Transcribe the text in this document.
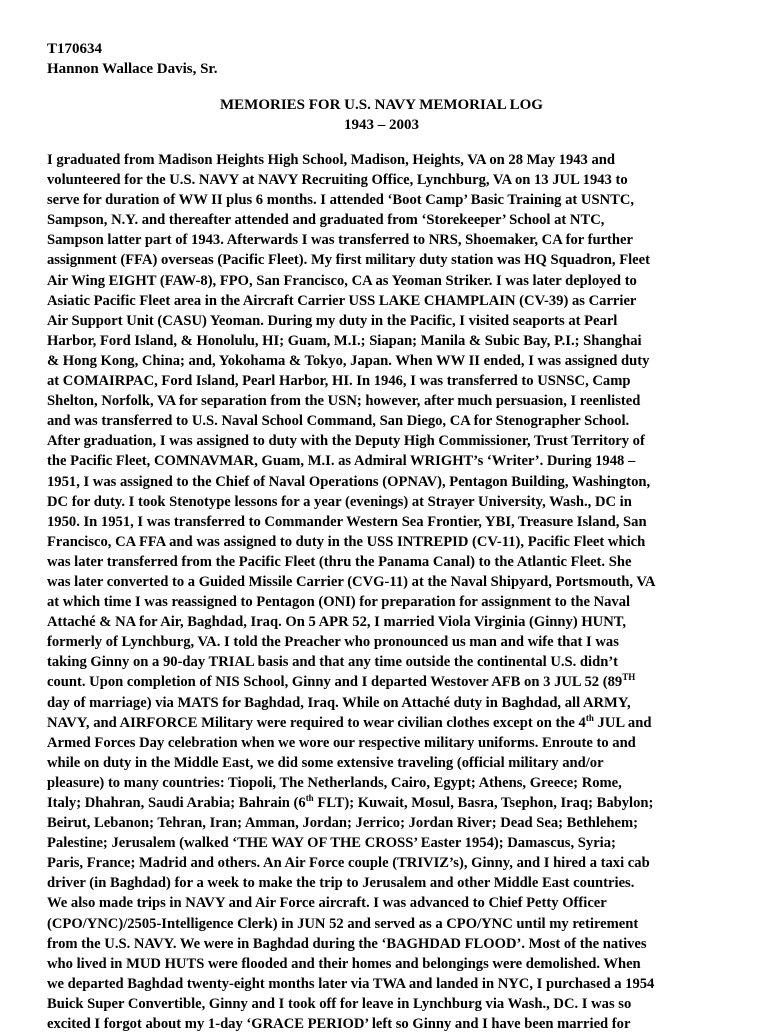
T170634
Hannon Wallace Davis, Sr.
MEMORIES FOR U.S. NAVY MEMORIAL LOG
1943 – 2003
I graduated from Madison Heights High School, Madison, Heights, VA on 28 May 1943 and
volunteered for the U.S. NAVY at NAVY Recruiting Office, Lynchburg, VA on 13 JUL 1943 to
serve for duration of WW II plus 6 months. I attended ‘Boot Camp’ Basic Training at USNTC,
Sampson, N.Y. and thereafter attended and graduated from ‘Storekeeper’ School at NTC,
Sampson latter part of 1943. Afterwards I was transferred to NRS, Shoemaker, CA for further
assignment (FFA) overseas (Pacific Fleet). My first military duty station was HQ Squadron, Fleet
Air Wing EIGHT (FAW-8), FPO, San Francisco, CA as Yeoman Striker. I was later deployed to
Asiatic Pacific Fleet area in the Aircraft Carrier USS LAKE CHAMPLAIN (CV-39) as Carrier
Air Support Unit (CASU) Yeoman. During my duty in the Pacific, I visited seaports at Pearl
Harbor, Ford Island, & Honolulu, HI; Guam, M.I.; Siapan; Manila & Subic Bay, P.I.; Shanghai
& Hong Kong, China; and, Yokohama & Tokyo, Japan. When WW II ended, I was assigned duty
at COMAIRPAC, Ford Island, Pearl Harbor, HI. In 1946, I was transferred to USNSC, Camp
Shelton, Norfolk, VA for separation from the USN; however, after much persuasion, I reenlisted
and was transferred to U.S. Naval School Command, San Diego, CA for Stenographer School.
After graduation, I was assigned to duty with the Deputy High Commissioner, Trust Territory of
the Pacific Fleet, COMNAVMAR, Guam, M.I. as Admiral WRIGHT’s ‘Writer’. During 1948 –
1951, I was assigned to the Chief of Naval Operations (OPNAV), Pentagon Building, Washington,
DC for duty. I took Stenotype lessons for a year (evenings) at Strayer University, Wash., DC in
1950. In 1951, I was transferred to Commander Western Sea Frontier, YBI, Treasure Island, San
Francisco, CA FFA and was assigned to duty in the USS INTREPID (CV-11), Pacific Fleet which
was later transferred from the Pacific Fleet (thru the Panama Canal) to the Atlantic Fleet. She
was later converted to a Guided Missile Carrier (CVG-11) at the Naval Shipyard, Portsmouth, VA
at which time I was reassigned to Pentagon (ONI) for preparation for assignment to the Naval
Attaché & NA for Air, Baghdad, Iraq. On 5 APR 52, I married Viola Virginia (Ginny) HUNT,
formerly of Lynchburg, VA. I told the Preacher who pronounced us man and wife that I was
taking Ginny on a 90-day TRIAL basis and that any time outside the continental U.S. didn’t
count. Upon completion of NIS School, Ginny and I departed Westover AFB on 3 JUL 52 (89TH
day of marriage) via MATS for Baghdad, Iraq. While on Attaché duty in Baghdad, all ARMY,
NAVY, and AIRFORCE Military were required to wear civilian clothes except on the 4th JUL and
Armed Forces Day celebration when we wore our respective military uniforms. Enroute to and
while on duty in the Middle East, we did some extensive traveling (official military and/or
pleasure) to many countries: Tiopoli, The Netherlands, Cairo, Egypt; Athens, Greece; Rome,
Italy; Dhahran, Saudi Arabia; Bahrain (6th FLT); Kuwait, Mosul, Basra, Tsephon, Iraq; Babylon;
Beirut, Lebanon; Tehran, Iran; Amman, Jordan; Jerrico; Jordan River; Dead Sea; Bethlehem;
Palestine; Jerusalem (walked ‘THE WAY OF THE CROSS’ Easter 1954); Damascus, Syria;
Paris, France; Madrid and others. An Air Force couple (TRIVIZ’s), Ginny, and I hired a taxi cab
driver (in Baghdad) for a week to make the trip to Jerusalem and other Middle East countries.
We also made trips in NAVY and Air Force aircraft. I was advanced to Chief Petty Officer
(CPO/YNC)/2505-Intelligence Clerk) in JUN 52 and served as a CPO/YNC until my retirement
from the U.S. NAVY. We were in Baghdad during the ‘BAGHDAD FLOOD’. Most of the natives
who lived in MUD HUTS were flooded and their homes and belongings were demolished. When
we departed Baghdad twenty-eight months later via TWA and landed in NYC, I purchased a 1954
Buick Super Convertible, Ginny and I took off for leave in Lynchburg via Wash., DC. I was so
excited I forgot about my 1-day ‘GRACE PERIOD’ left so Ginny and I have been married for
